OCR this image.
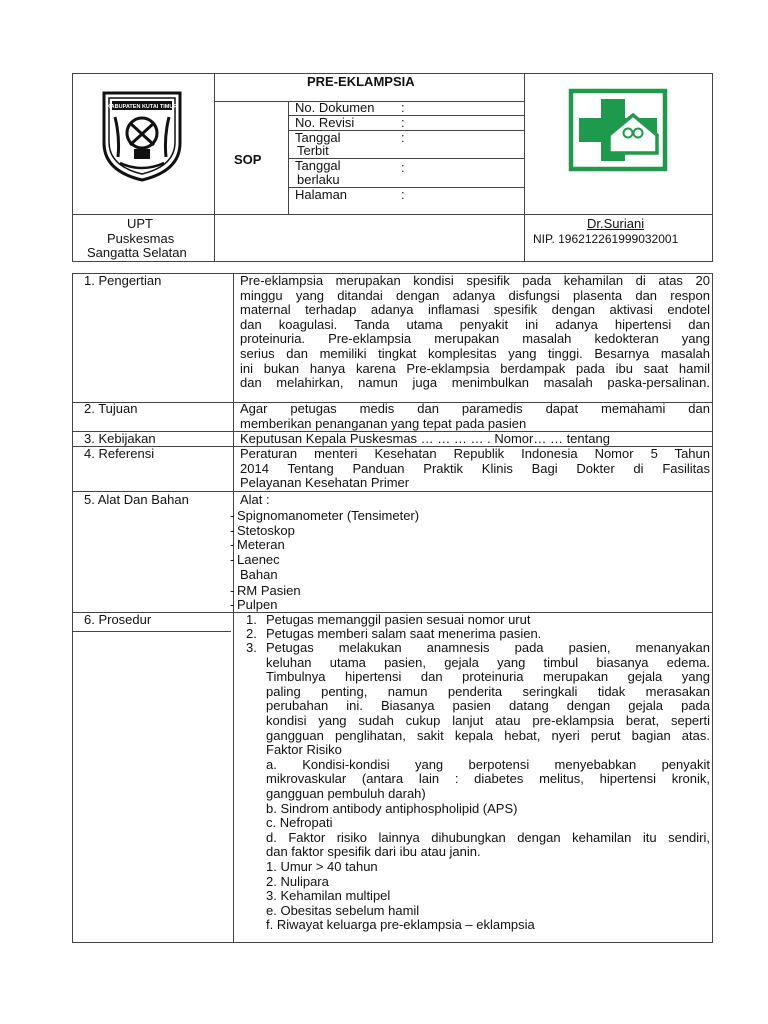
KABUPATEN KUTAI TIMUR
PRE-EKLAMPSIA
SOP
No. Dokumen :
No. Revisi	:
Tanggal
Terbit
:
Tanggal
berlaku
:
Halaman	:
UPT
Puskesmas
Sangatta Selatan
Dr.Suriani
NIP. 196212261999032001
1. Pengertian	Pre-eklampsia merupakan kondisi spesifik pada kehamilan di atas 20
minggu yang ditandai dengan adanya disfungsi plasenta dan respon
maternal terhadap adanya inflamasi spesifik dengan aktivasi endotel
dan koagulasi. Tanda utama penyakit ini adanya hipertensi dan
proteinuria. Pre-eklampsia merupakan masalah kedokteran yang
serius dan memiliki tingkat komplesitas yang tinggi. Besarnya masalah
ini bukan hanya karena Pre-eklampsia berdampak pada ibu saat hamil
dan melahirkan, namun juga menimbulkan masalah paska-persalinan.
2. Tujuan	Agar petugas medis dan paramedis dapat memahami dan
memberikan penanganan yang tepat pada pasien
3. Kebijakan	Keputusan Kepala Puskesmas … … … … . Nomor… … tentang
4. Referensi	Peraturan menteri Kesehatan Republik Indonesia Nomor 5 Tahun
2014 Tentang Panduan Praktik Klinis Bagi Dokter di Fasilitas
Pelayanan Kesehatan Primer
5. Alat Dan Bahan	Alat :
- Spignomanometer (Tensimeter)
- Stetoskop
- Meteran
- Laenec
Bahan
- RM Pasien
- Pulpen
6. Prosedur	1. Petugas memanggil pasien sesuai nomor urut
2. Petugas memberi salam saat menerima pasien.
3. Petugas melakukan anamnesis pada pasien, menanyakan
keluhan utama pasien, gejala yang timbul biasanya edema.
Timbulnya hipertensi dan proteinuria merupakan gejala yang
paling penting, namun penderita seringkali tidak merasakan
perubahan ini. Biasanya pasien datang dengan gejala pada
kondisi yang sudah cukup lanjut atau pre-eklampsia berat, seperti
gangguan penglihatan, sakit kepala hebat, nyeri perut bagian atas.
Faktor Risiko
a. Kondisi-kondisi yang berpotensi menyebabkan penyakit
mikrovaskular (antara lain : diabetes melitus, hipertensi kronik,
gangguan pembuluh darah)
b. Sindrom antibody antiphospholipid (APS)
c. Nefropati
d. Faktor risiko lainnya dihubungkan dengan kehamilan itu sendiri,
dan faktor spesifik dari ibu atau janin.
1. Umur > 40 tahun
2. Nulipara
3. Kehamilan multipel
e. Obesitas sebelum hamil
f. Riwayat keluarga pre-eklampsia – eklampsia
